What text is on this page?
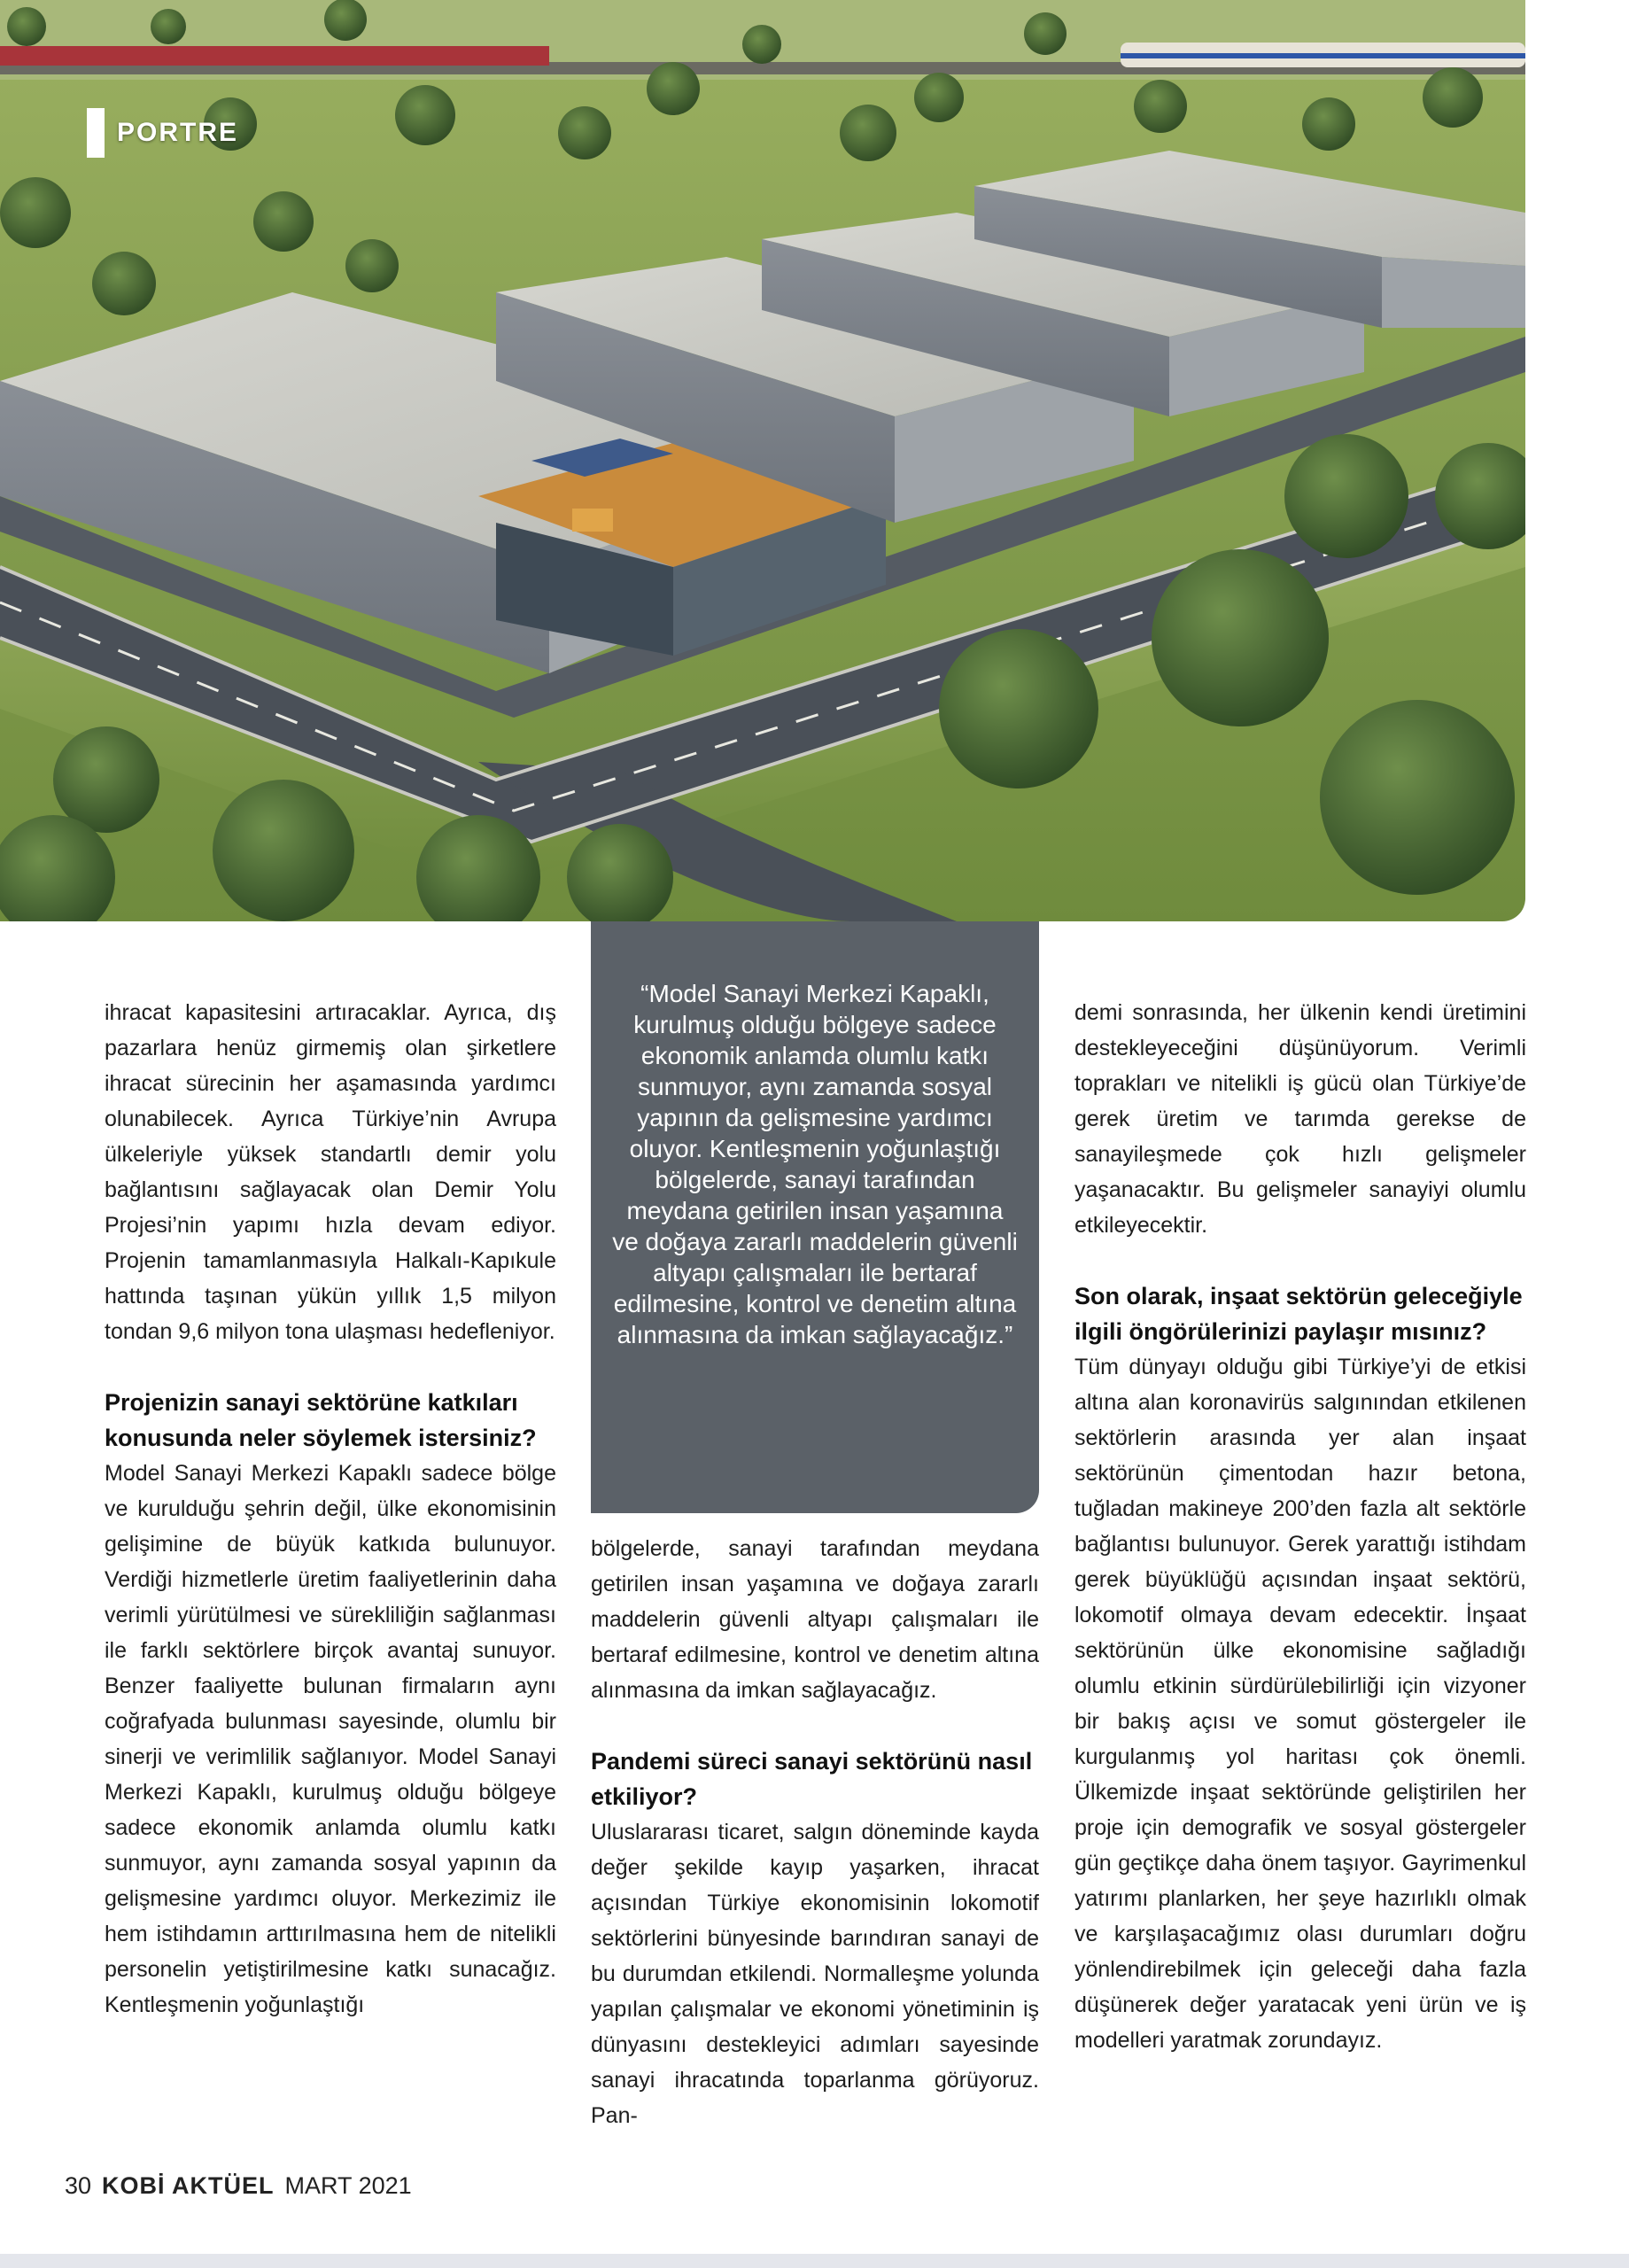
PORTRE

ihracat kapasitesini artıracaklar. Ayrıca, dış pazarlara henüz girmemiş olan şirketlere ihracat sürecinin her aşamasında yardımcı olunabilecek. Ayrıca Türkiye’nin Avrupa ülkeleriyle yüksek standartlı demir yolu bağlantısını sağlayacak olan Demir Yolu Projesi’nin yapımı hızla devam ediyor. Projenin tamamlanmasıyla Halkalı-Kapıkule hattında taşınan yükün yıllık 1,5 milyon tondan 9,6 milyon tona ulaşması hedefleniyor.

Projenizin sanayi sektörüne katkıları konusunda neler söylemek istersiniz?

Model Sanayi Merkezi Kapaklı sadece bölge ve kurulduğu şehrin değil, ülke ekonomisinin gelişimine de büyük katkıda bulunuyor. Verdiği hizmetlerle üretim faaliyetlerinin daha verimli yürütülmesi ve sürekliliğin sağlanması ile farklı sektörlere birçok avantaj sunuyor. Benzer faaliyette bulunan firmaların aynı coğrafyada bulunması sayesinde, olumlu bir sinerji ve verimlilik sağlanıyor. Model Sanayi Merkezi Kapaklı, kurulmuş olduğu bölgeye sadece ekonomik anlamda olumlu katkı sunmuyor, aynı zamanda sosyal yapının da gelişmesine yardımcı oluyor. Merkezimiz ile hem istihdamın arttırılmasına hem de nitelikli personelin yetiştirilmesine katkı sunacağız. Kentleşmenin yoğunlaştığı

“Model Sanayi Merkezi Kapaklı, kurulmuş olduğu bölgeye sadece ekonomik anlamda olumlu katkı sunmuyor, aynı zamanda sosyal yapının da gelişmesine yardımcı oluyor. Kentleşmenin yoğunlaştığı bölgelerde, sanayi tarafından meydana getirilen insan yaşamına ve doğaya zararlı maddelerin güvenli altyapı çalışmaları ile bertaraf edilmesine, kontrol ve denetim altına alınmasına da imkan sağlayacağız.”

bölgelerde, sanayi tarafından meydana getirilen insan yaşamına ve doğaya zararlı maddelerin güvenli altyapı çalışmaları ile bertaraf edilmesine, kontrol ve denetim altına alınmasına da imkan sağlayacağız.

Pandemi süreci sanayi sektörünü nasıl etkiliyor?

Uluslararası ticaret, salgın döneminde kayda değer şekilde kayıp yaşarken, ihracat açısından Türkiye ekonomisinin lokomotif sektörlerini bünyesinde barındıran sanayi de bu durumdan etkilendi. Normalleşme yolunda yapılan çalışmalar ve ekonomi yönetiminin iş dünyasını destekleyici adımları sayesinde sanayi ihracatında toparlanma görüyoruz. Pan-

demi sonrasında, her ülkenin kendi üretimini destekleyeceğini düşünüyorum. Verimli toprakları ve nitelikli iş gücü olan Türkiye’de gerek üretim ve tarımda gerekse de sanayileşmede çok hızlı gelişmeler yaşanacaktır. Bu gelişmeler sanayiyi olumlu etkileyecektir.

Son olarak, inşaat sektörün geleceğiyle ilgili öngörülerinizi paylaşır mısınız?

Tüm dünyayı olduğu gibi Türkiye’yi de etkisi altına alan koronavirüs salgınından etkilenen sektörlerin arasında yer alan inşaat sektörünün çimentodan hazır betona, tuğladan makineye 200’den fazla alt sektörle bağlantısı bulunuyor. Gerek yarattığı istihdam gerek büyüklüğü açısından inşaat sektörü, lokomotif olmaya devam edecektir. İnşaat sektörünün ülke ekonomisine sağladığı olumlu etkinin sürdürülebilirliği için vizyoner bir bakış açısı ve somut göstergeler ile kurgulanmış yol haritası çok önemli. Ülkemizde inşaat sektöründe geliştirilen her proje için demografik ve sosyal göstergeler gün geçtikçe daha önem taşıyor. Gayrimenkul yatırımı planlarken, her şeye hazırlıklı olmak ve karşılaşacağımız olası durumları doğru yönlendirebilmek için geleceği daha fazla düşünerek değer yaratacak yeni ürün ve iş modelleri yaratmak zorundayız.

30 KOBİ AKTÜEL MART 2021
